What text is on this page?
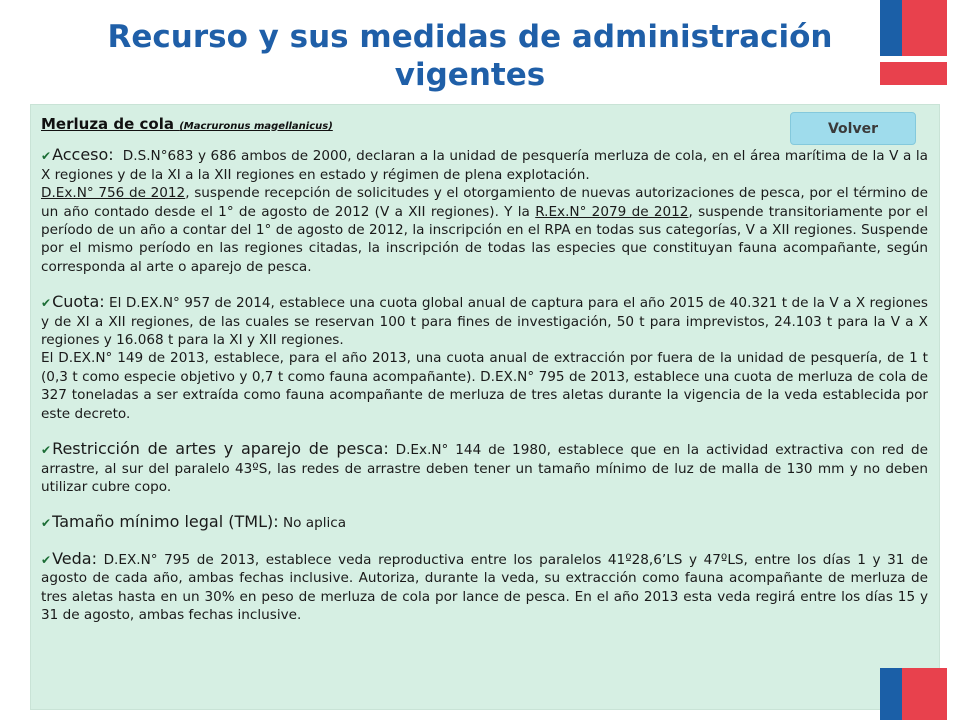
Recurso y sus medidas de administración vigentes
Volver
Merluza de cola (Macruronus magellanicus)

✔Acceso: D.S.N°683 y 686 ambos de 2000, declaran a la unidad de pesquería merluza de cola, en el área marítima de la V a la X regiones y de la XI a la XII regiones en estado y régimen de plena explotación.

D.Ex.N° 756 de 2012, suspende recepción de solicitudes y el otorgamiento de nuevas autorizaciones de pesca, por el término de un año contado desde el 1° de agosto de 2012 (V a XII regiones). Y la R.Ex.N° 2079 de 2012, suspende transitoriamente por el período de un año a contar del 1° de agosto de 2012, la inscripción en el RPA en todas sus categorías, V a XII regiones. Suspende por el mismo período en las regiones citadas, la inscripción de todas las especies que constituyan fauna acompañante, según corresponda al arte o aparejo de pesca.

✔Cuota: El D.EX.N° 957 de 2014, establece una cuota global anual de captura para el año 2015 de 40.321 t de la V a X regiones y de XI a XII regiones, de las cuales se reservan 100 t para fines de investigación, 50 t para imprevistos, 24.103 t para la V a X regiones y 16.068 t para la XI y XII regiones.

El D.EX.N° 149 de 2013, establece, para el año 2013, una cuota anual de extracción por fuera de la unidad de pesquería, de 1 t (0,3 t como especie objetivo y 0,7 t como fauna acompañante). D.EX.N° 795 de 2013, establece una cuota de merluza de cola de 327 toneladas a ser extraída como fauna acompañante de merluza de tres aletas durante la vigencia de la veda establecida por este decreto.

✔Restricción de artes y aparejo de pesca: D.Ex.N° 144 de 1980, establece que en la actividad extractiva con red de arrastre, al sur del paralelo 43ºS, las redes de arrastre deben tener un tamaño mínimo de luz de malla de 130 mm y no deben utilizar cubre copo.

✔Tamaño mínimo legal (TML): No aplica

✔Veda: D.EX.N° 795 de 2013, establece veda reproductiva entre los paralelos 41º28,6’LS y 47ºLS, entre los días 1 y 31 de agosto de cada año, ambas fechas inclusive. Autoriza, durante la veda, su extracción como fauna acompañante de merluza de tres aletas hasta en un 30% en peso de merluza de cola por lance de pesca. En el año 2013 esta veda regirá entre los días 15 y 31 de agosto, ambas fechas inclusive.
